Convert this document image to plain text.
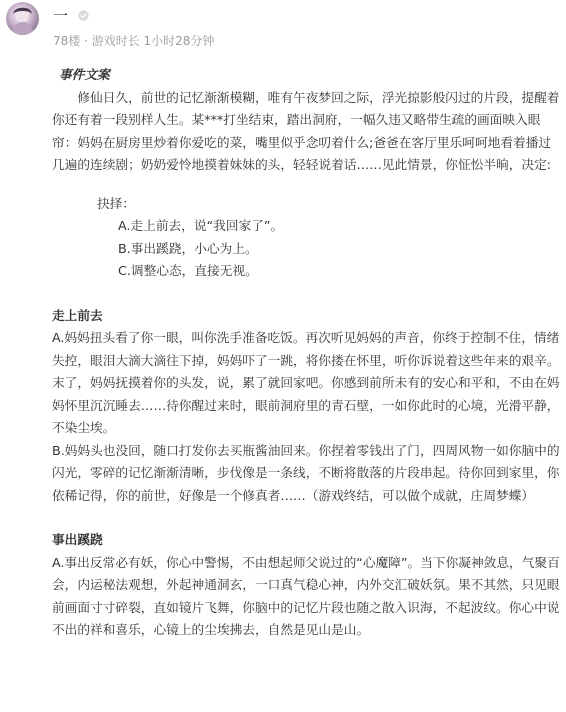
一
78楼 · 游戏时长 1小时28分钟

事件文案

　　修仙日久，前世的记忆渐渐模糊，唯有午夜梦回之际，浮光掠影般闪过的片段，提醒着你还有着一段别样人生。某***打坐结束，踏出洞府，一幅久违又略带生疏的画面映入眼帘：妈妈在厨房里炒着你爱吃的菜，嘴里似乎念叨着什么;爸爸在客厅里乐呵呵地看着播过几遍的连续剧；奶奶爱怜地摸着妹妹的头，轻轻说着话……见此情景，你怔忪半晌，决定:

抉择：

A.走上前去，说“我回家了”。

B.事出蹊跷，小心为上。

C.调整心态，直接无视。

走上前去

A.妈妈扭头看了你一眼，叫你洗手准备吃饭。再次听见妈妈的声音，你终于控制不住，情绪失控，眼泪大滴大滴往下掉，妈妈吓了一跳，将你搂在怀里，听你诉说着这些年来的艰辛。末了，妈妈抚摸着你的头发，说，累了就回家吧。你感到前所未有的安心和平和，不由在妈妈怀里沉沉睡去……待你醒过来时，眼前洞府里的青石壁，一如你此时的心境，光滑平静，不染尘埃。

B.妈妈头也没回，随口打发你去买瓶酱油回来。你捏着零钱出了门，四周风物一如你脑中的闪光，零碎的记忆渐渐清晰，步伐像是一条线，不断将散落的片段串起。待你回到家里，你依稀记得，你的前世，好像是一个修真者……（游戏终结，可以做个成就，庄周梦蝶）

事出蹊跷

A.事出反常必有妖，你心中警惕，不由想起师父说过的“心魔障”。当下你凝神敛息，气聚百会，内运秘法观想，外起神通洞玄，一口真气稳心神，内外交汇破妖氛。果不其然，只见眼前画面寸寸碎裂，直如镜片飞舞，你脑中的记忆片段也随之散入识海，不起波纹。你心中说不出的祥和喜乐，心镜上的尘埃拂去，自然是见山是山。
